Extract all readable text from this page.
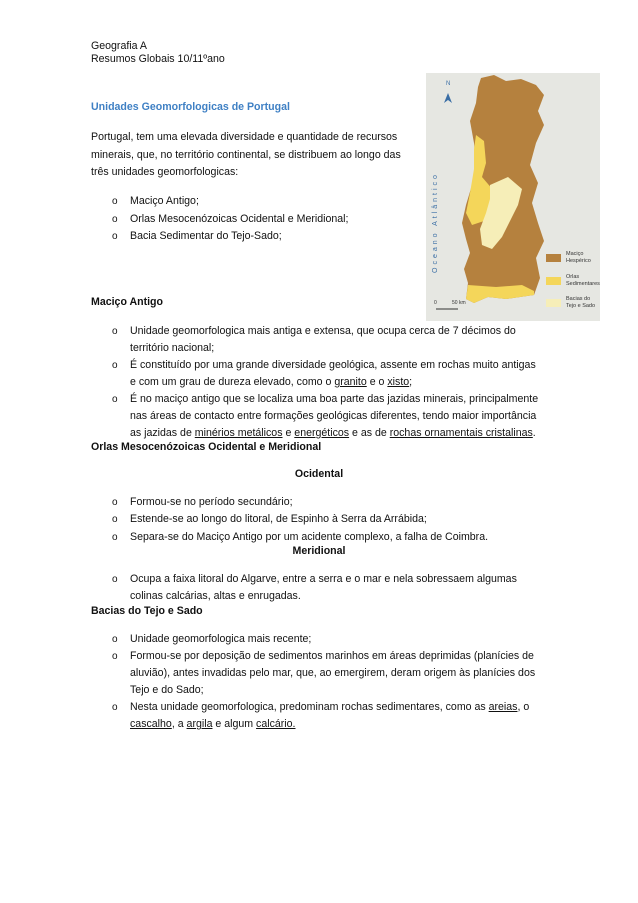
Geografia A
Resumos Globais 10/11ºano
Unidades Geomorfologicas de Portugal
Portugal, tem uma elevada diversidade e quantidade de recursos
minerais, que, no território continental, se distribuem ao longo das
três unidades geomorfologicas:
o Maciço Antigo;
o Orlas Mesocenózoicas Ocidental e Meridional;
o Bacia Sedimentar do Tejo-Sado;
N
Oceano Atlântico
0	50 km
Maciço Hespérico
Orlas Sedimentares
Bacias do Tejo e Sado
Maciço Antigo
o Unidade geomorfologica mais antiga e extensa, que ocupa cerca de 7 décimos do
território nacional;
o É constituído por uma grande diversidade geológica, assente em rochas muito antigas
e com um grau de dureza elevado, como o granito e o xisto;
o É no maciço antigo que se localiza uma boa parte das jazidas minerais, principalmente
nas áreas de contacto entre formações geológicas diferentes, tendo maior importância
as jazidas de minérios metálicos e energéticos e as de rochas ornamentais cristalinas.
Orlas Mesocenózoicas Ocidental e Meridional
Ocidental
o Formou-se no período secundário;
o Estende-se ao longo do litoral, de Espinho à Serra da Arrábida;
o Separa-se do Maciço Antigo por um acidente complexo, a falha de Coimbra.
Meridional
o Ocupa a faixa litoral do Algarve, entre a serra e o mar e nela sobressaem algumas
colinas calcárias, altas e enrugadas.
Bacias do Tejo e Sado
o Unidade geomorfologica mais recente;
o Formou-se por deposição de sedimentos marinhos em áreas deprimidas (planícies de
aluvião), antes invadidas pelo mar, que, ao emergirem, deram origem às planícies dos
Tejo e do Sado;
o Nesta unidade geomorfologica, predominam rochas sedimentares, como as areias, o
cascalho, a argila e algum calcário.
